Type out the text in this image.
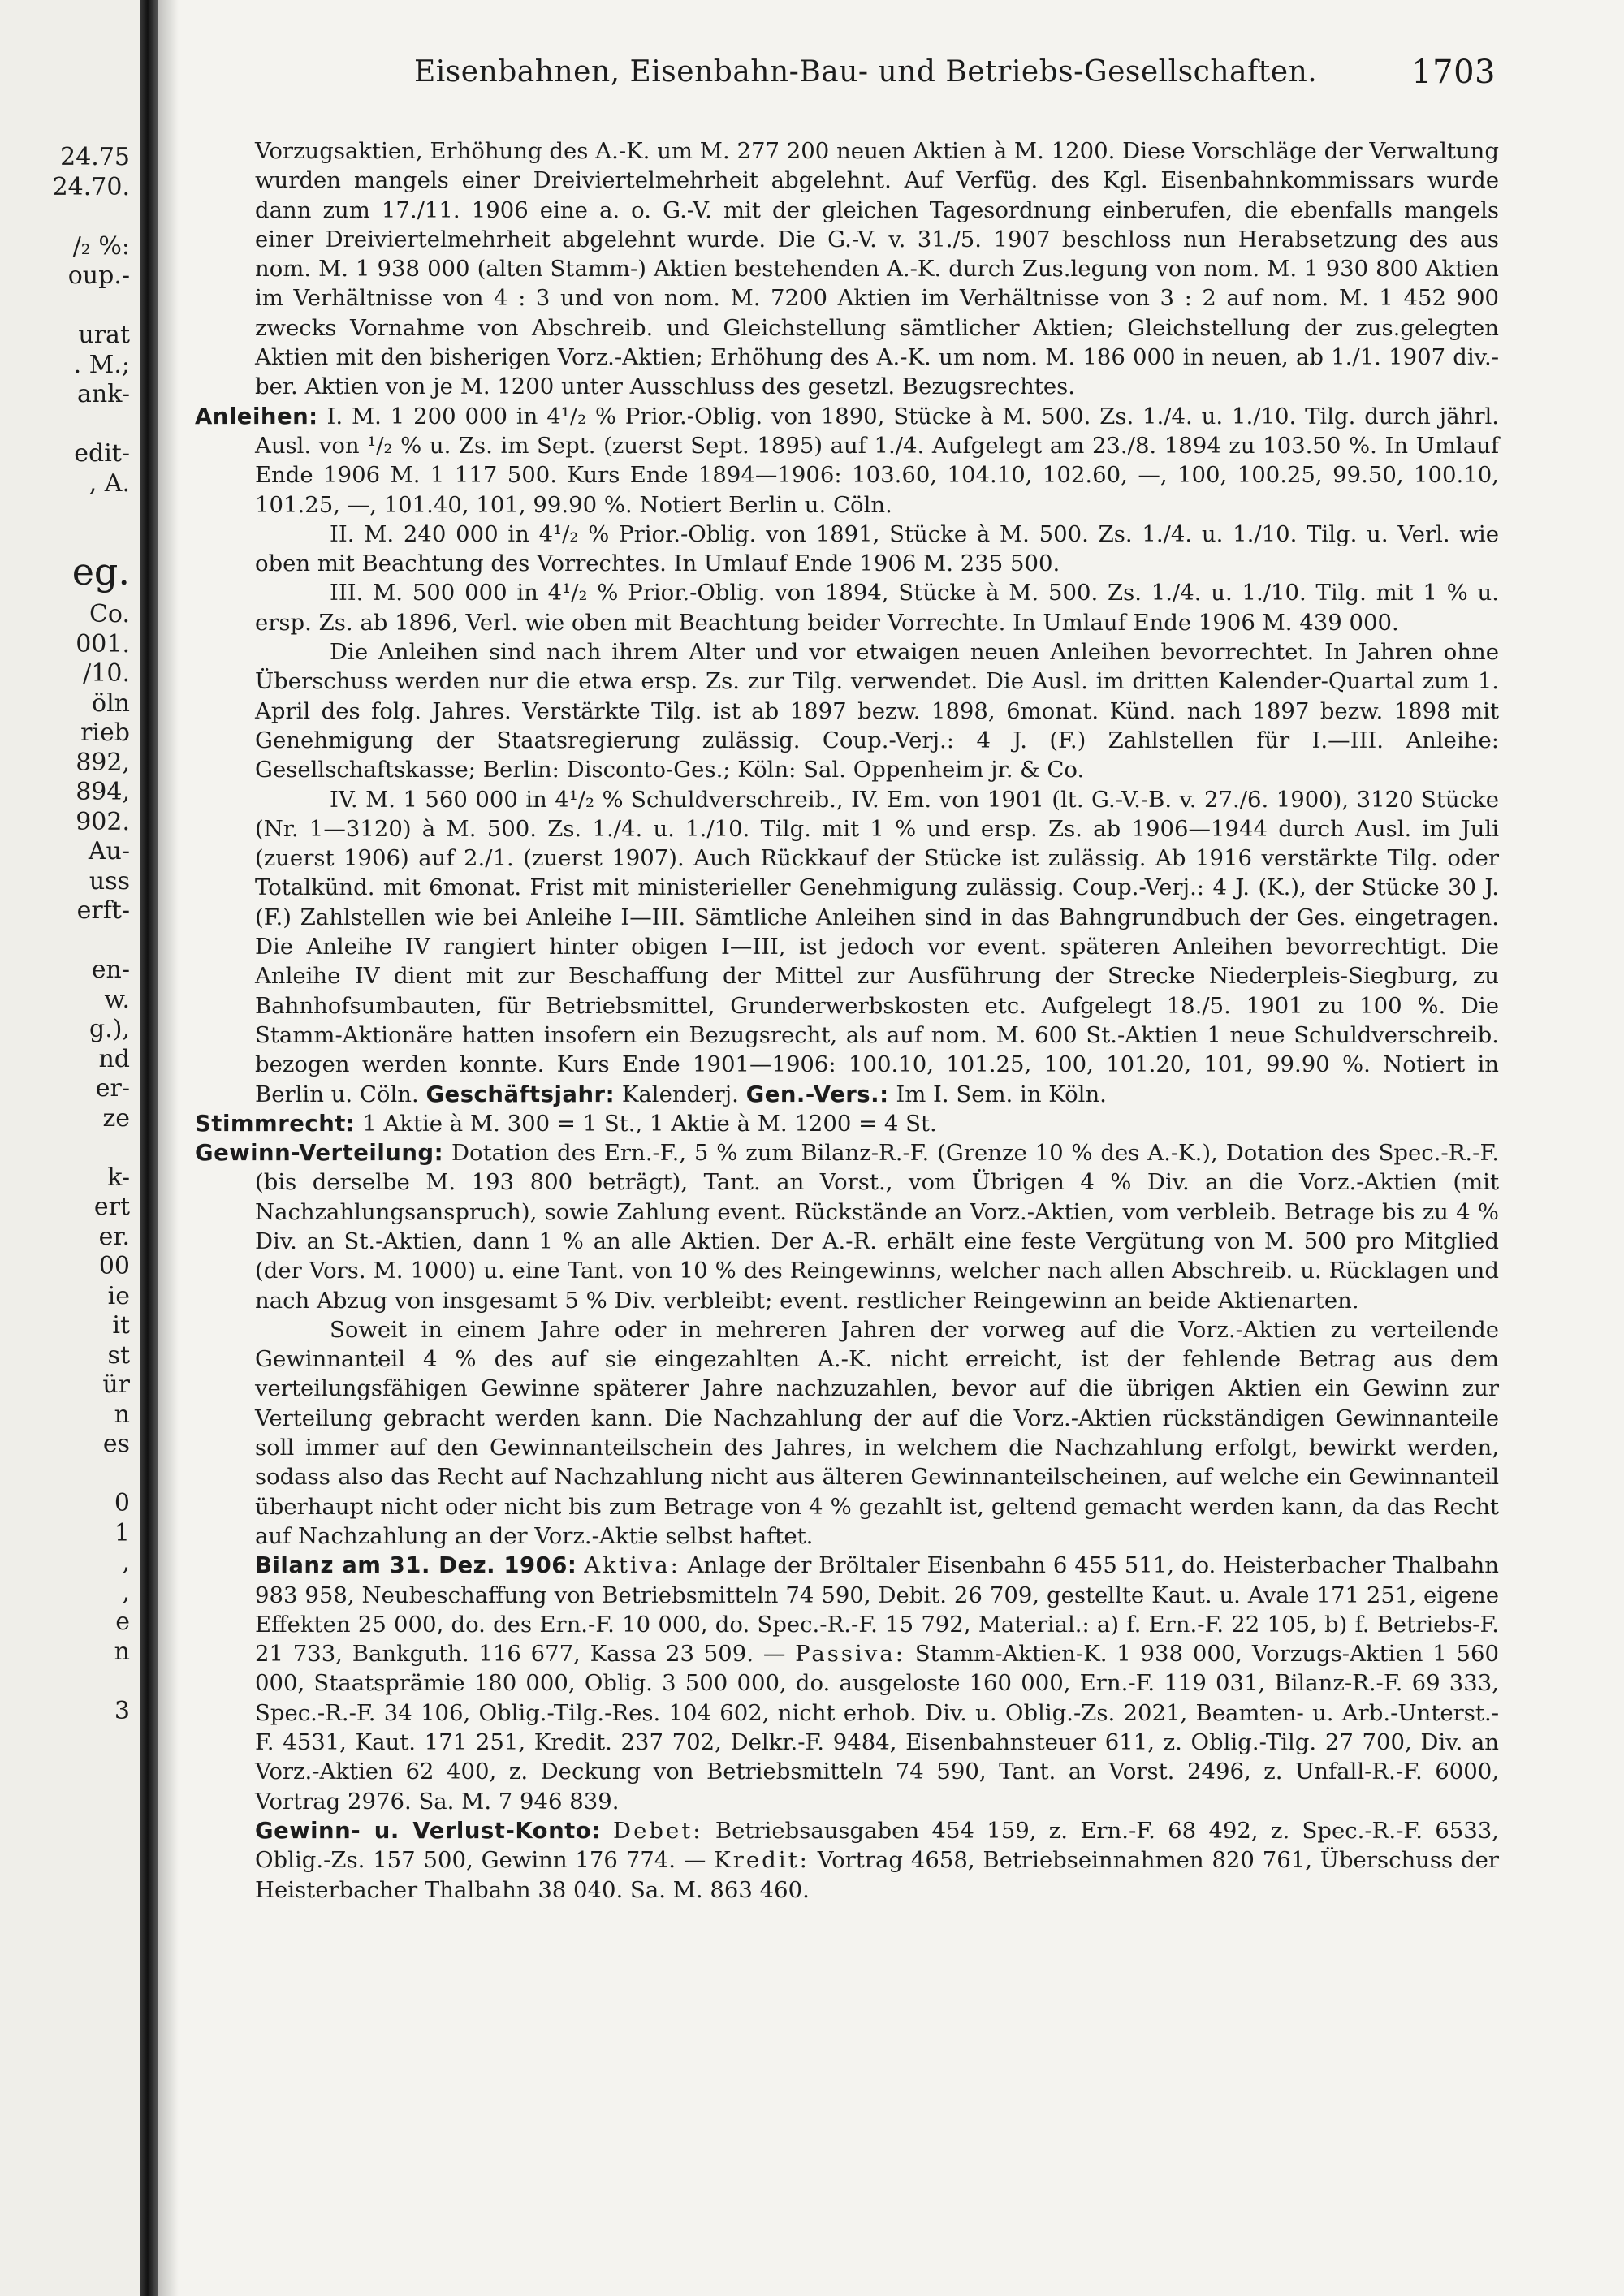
24.75
24.70.
/₂ %:
oup.-
urat
. M.;
ank-
edit-
, A.
eg.
Co.
001.
/10.
öln
rieb
892,
894,
902.
Au-
uss
erft-
en-
w.
g.),
nd
er-
ze
k-
ert
er.
00
ie
it
st
ür
n
es
0
1
,
,
e
n
3
Eisenbahnen, Eisenbahn-Bau- und Betriebs-Gesellschaften.	1703

Vorzugsaktien, Erhöhung des A.-K. um M. 277 200 neuen Aktien à M. 1200. Diese Vorschläge der Verwaltung wurden mangels einer Dreiviertelmehrheit abgelehnt. Auf Verfüg. des Kgl. Eisenbahnkommissars wurde dann zum 17./11. 1906 eine a. o. G.-V. mit der gleichen Tagesordnung einberufen, die ebenfalls mangels einer Dreiviertelmehrheit abgelehnt wurde. Die G.-V. v. 31./5. 1907 beschloss nun Herabsetzung des aus nom. M. 1 938 000 (alten Stamm-) Aktien bestehenden A.-K. durch Zus.legung von nom. M. 1 930 800 Aktien im Verhältnisse von 4 : 3 und von nom. M. 7200 Aktien im Verhältnisse von 3 : 2 auf nom. M. 1 452 900 zwecks Vornahme von Abschreib. und Gleichstellung sämtlicher Aktien; Gleichstellung der zus.gelegten Aktien mit den bisherigen Vorz.-Aktien; Erhöhung des A.-K. um nom. M. 186 000 in neuen, ab 1./1. 1907 div.-ber. Aktien von je M. 1200 unter Ausschluss des gesetzl. Bezugsrechtes.

Anleihen: I. M. 1 200 000 in 4¹/₂ % Prior.-Oblig. von 1890, Stücke à M. 500. Zs. 1./4. u. 1./10. Tilg. durch jährl. Ausl. von ¹/₂ % u. Zs. im Sept. (zuerst Sept. 1895) auf 1./4. Aufgelegt am 23./8. 1894 zu 103.50 %. In Umlauf Ende 1906 M. 1 117 500. Kurs Ende 1894—1906: 103.60, 104.10, 102.60, —, 100, 100.25, 99.50, 100.10, 101.25, —, 101.40, 101, 99.90 %. Notiert Berlin u. Cöln.

II. M. 240 000 in 4¹/₂ % Prior.-Oblig. von 1891, Stücke à M. 500. Zs. 1./4. u. 1./10. Tilg. u. Verl. wie oben mit Beachtung des Vorrechtes. In Umlauf Ende 1906 M. 235 500.

III. M. 500 000 in 4¹/₂ % Prior.-Oblig. von 1894, Stücke à M. 500. Zs. 1./4. u. 1./10. Tilg. mit 1 % u. ersp. Zs. ab 1896, Verl. wie oben mit Beachtung beider Vorrechte. In Umlauf Ende 1906 M. 439 000.

Die Anleihen sind nach ihrem Alter und vor etwaigen neuen Anleihen bevorrechtet. In Jahren ohne Überschuss werden nur die etwa ersp. Zs. zur Tilg. verwendet. Die Ausl. im dritten Kalender-Quartal zum 1. April des folg. Jahres. Verstärkte Tilg. ist ab 1897 bezw. 1898, 6monat. Künd. nach 1897 bezw. 1898 mit Genehmigung der Staatsregierung zulässig. Coup.-Verj.: 4 J. (F.) Zahlstellen für I.—III. Anleihe: Gesellschaftskasse; Berlin: Disconto-Ges.; Köln: Sal. Oppenheim jr. & Co.

IV. M. 1 560 000 in 4¹/₂ % Schuldverschreib., IV. Em. von 1901 (lt. G.-V.-B. v. 27./6. 1900), 3120 Stücke (Nr. 1—3120) à M. 500. Zs. 1./4. u. 1./10. Tilg. mit 1 % und ersp. Zs. ab 1906—1944 durch Ausl. im Juli (zuerst 1906) auf 2./1. (zuerst 1907). Auch Rückkauf der Stücke ist zulässig. Ab 1916 verstärkte Tilg. oder Totalkünd. mit 6monat. Frist mit ministerieller Genehmigung zulässig. Coup.-Verj.: 4 J. (K.), der Stücke 30 J. (F.) Zahlstellen wie bei Anleihe I—III. Sämtliche Anleihen sind in das Bahngrundbuch der Ges. eingetragen. Die Anleihe IV rangiert hinter obigen I—III, ist jedoch vor event. späteren Anleihen bevorrechtigt. Die Anleihe IV dient mit zur Beschaffung der Mittel zur Ausführung der Strecke Niederpleis-Siegburg, zu Bahnhofsumbauten, für Betriebsmittel, Grunderwerbskosten etc. Aufgelegt 18./5. 1901 zu 100 %. Die Stamm-Aktionäre hatten insofern ein Bezugsrecht, als auf nom. M. 600 St.-Aktien 1 neue Schuldverschreib. bezogen werden konnte. Kurs Ende 1901—1906: 100.10, 101.25, 100, 101.20, 101, 99.90 %. Notiert in Berlin u. Cöln. Geschäftsjahr: Kalenderj. Gen.-Vers.: Im I. Sem. in Köln.

Stimmrecht: 1 Aktie à M. 300 = 1 St., 1 Aktie à M. 1200 = 4 St.

Gewinn-Verteilung: Dotation des Ern.-F., 5 % zum Bilanz-R.-F. (Grenze 10 % des A.-K.), Dotation des Spec.-R.-F. (bis derselbe M. 193 800 beträgt), Tant. an Vorst., vom Übrigen 4 % Div. an die Vorz.-Aktien (mit Nachzahlungsanspruch), sowie Zahlung event. Rückstände an Vorz.-Aktien, vom verbleib. Betrage bis zu 4 % Div. an St.-Aktien, dann 1 % an alle Aktien. Der A.-R. erhält eine feste Vergütung von M. 500 pro Mitglied (der Vors. M. 1000) u. eine Tant. von 10 % des Reingewinns, welcher nach allen Abschreib. u. Rücklagen und nach Abzug von insgesamt 5 % Div. verbleibt; event. restlicher Reingewinn an beide Aktienarten.

Soweit in einem Jahre oder in mehreren Jahren der vorweg auf die Vorz.-Aktien zu verteilende Gewinnanteil 4 % des auf sie eingezahlten A.-K. nicht erreicht, ist der fehlende Betrag aus dem verteilungsfähigen Gewinne späterer Jahre nachzuzahlen, bevor auf die übrigen Aktien ein Gewinn zur Verteilung gebracht werden kann. Die Nachzahlung der auf die Vorz.-Aktien rückständigen Gewinnanteile soll immer auf den Gewinnanteilschein des Jahres, in welchem die Nachzahlung erfolgt, bewirkt werden, sodass also das Recht auf Nachzahlung nicht aus älteren Gewinnanteilscheinen, auf welche ein Gewinnanteil überhaupt nicht oder nicht bis zum Betrage von 4 % gezahlt ist, geltend gemacht werden kann, da das Recht auf Nachzahlung an der Vorz.-Aktie selbst haftet.

Bilanz am 31. Dez. 1906: Aktiva: Anlage der Bröltaler Eisenbahn 6 455 511, do. Heisterbacher Thalbahn 983 958, Neubeschaffung von Betriebsmitteln 74 590, Debit. 26 709, gestellte Kaut. u. Avale 171 251, eigene Effekten 25 000, do. des Ern.-F. 10 000, do. Spec.-R.-F. 15 792, Material.: a) f. Ern.-F. 22 105, b) f. Betriebs-F. 21 733, Bankguth. 116 677, Kassa 23 509. — Passiva: Stamm-Aktien-K. 1 938 000, Vorzugs-Aktien 1 560 000, Staatsprämie 180 000, Oblig. 3 500 000, do. ausgeloste 160 000, Ern.-F. 119 031, Bilanz-R.-F. 69 333, Spec.-R.-F. 34 106, Oblig.-Tilg.-Res. 104 602, nicht erhob. Div. u. Oblig.-Zs. 2021, Beamten- u. Arb.-Unterst.-F. 4531, Kaut. 171 251, Kredit. 237 702, Delkr.-F. 9484, Eisenbahnsteuer 611, z. Oblig.-Tilg. 27 700, Div. an Vorz.-Aktien 62 400, z. Deckung von Betriebsmitteln 74 590, Tant. an Vorst. 2496, z. Unfall-R.-F. 6000, Vortrag 2976. Sa. M. 7 946 839.

Gewinn- u. Verlust-Konto: Debet: Betriebsausgaben 454 159, z. Ern.-F. 68 492, z. Spec.-R.-F. 6533, Oblig.-Zs. 157 500, Gewinn 176 774. — Kredit: Vortrag 4658, Betriebseinnahmen 820 761, Überschuss der Heisterbacher Thalbahn 38 040. Sa. M. 863 460.
